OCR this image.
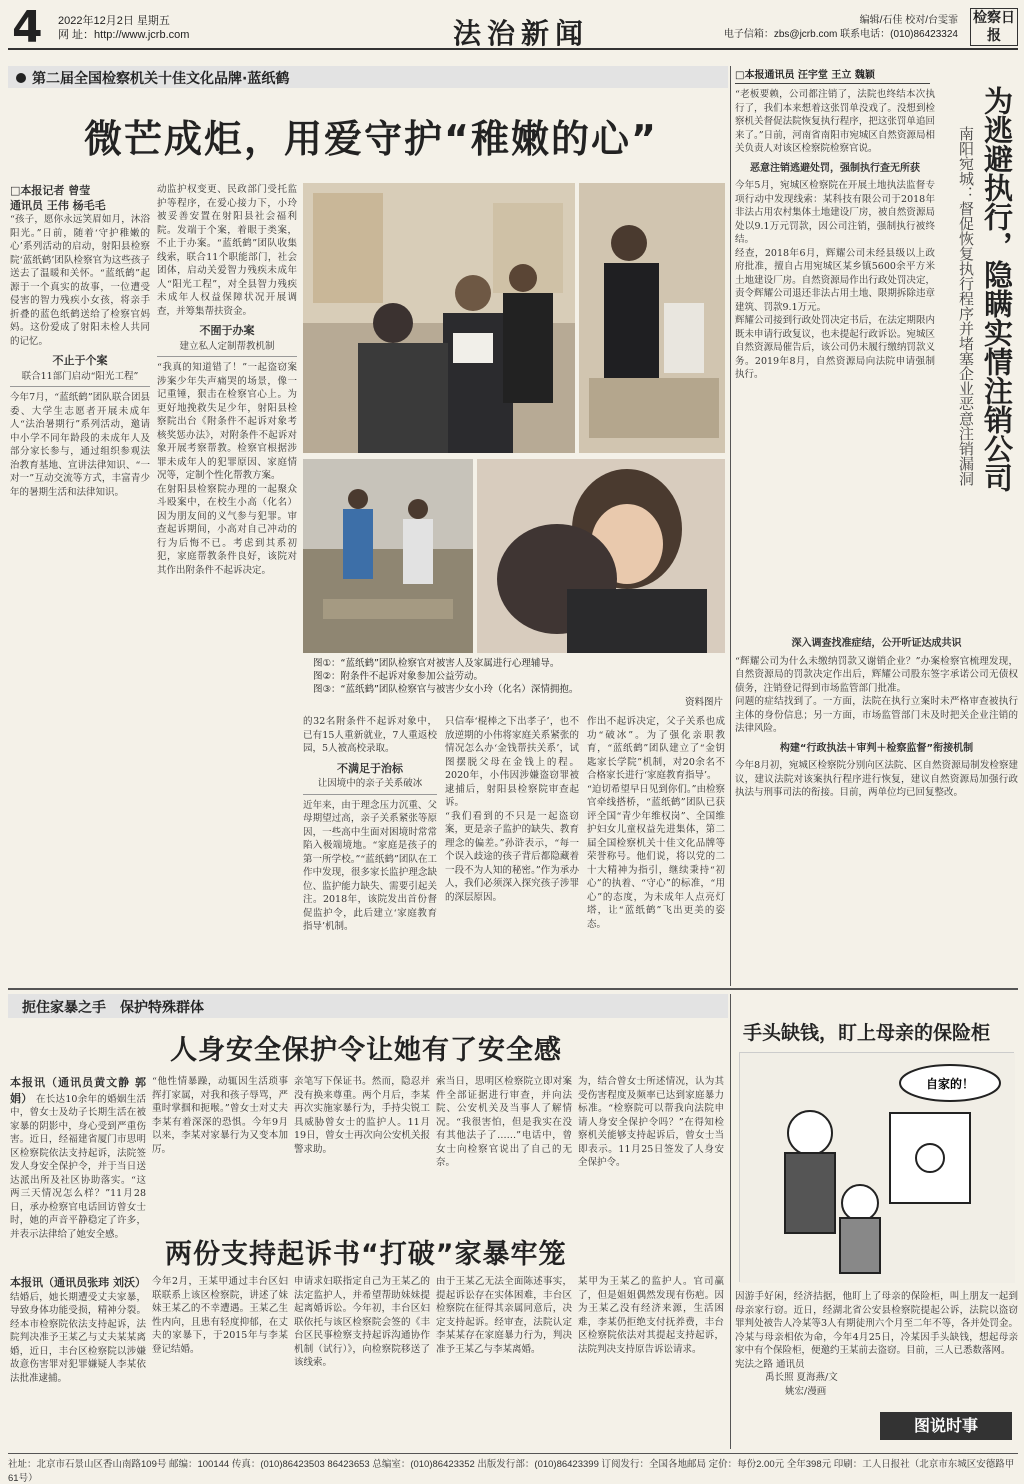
4 2022年12月2日 星期五
网 址：http://www.jcrb.com	法治新闻	编辑/石佳 校对/台雯霏
电子信箱：zbs@jcrb.com 联系电话：(010)86423324
检察日报
第二届全国检察机关十佳文化品牌·蓝纸鹤
微芒成炬，用爱守护“稚嫩的心”
□本报记者 曾莹
通讯员 王伟 杨毛毛

“孩子，愿你永远笑眉如月，沐浴阳光。”日前，随着‘守护稚嫩的心’系列活动的启动，射阳县检察院‘蓝纸鹤’团队检察官为这些孩子送去了温暖和关怀。“蓝纸鹤”起源于一个真实的故事，一位遭受侵害的智力残疾小女孩，将亲手折叠的蓝色纸鹤送给了检察官妈妈。这份爱成了射阳未检人共同的记忆。

不止于个案
联合11部门启动“阳光工程”

今年7月，“蓝纸鹤”团队联合团县委、大学生志愿者开展未成年人“法治暑期行”系列活动，邀请中小学不同年龄段的未成年人及部分家长参与，通过组织参观法治教育基地、宣讲法律知识、“一对一”互动交流等方式，丰富青少年的暑期生活和法律知识。

动监护权变更、民政部门受托监护等程序，在爱心接力下，小玲被妥善安置在射阳县社会福利院。发端于个案，着眼于类案，不止于办案。“蓝纸鹤”团队收集线索，联合11个职能部门，社会团体，启动关爱智力残疾未成年人“阳光工程”，对全县智力残疾未成年人权益保障状况开展调查，并筹集帮扶资金。

不囿于办案
建立私人定制帮教机制

“我真的知道错了！”一起盗窃案涉案少年失声痛哭的场景，像一记重锤，狠击在检察官心上。为更好地挽救失足少年，射阳县检察院出台《附条件不起诉对象考核奖惩办法》，对附条件不起诉对象开展考察帮教。检察官根据涉罪未成年人的犯罪原因、家庭情况等，定制个性化帮教方案。

在射阳县检察院办理的一起聚众斗殴案中，在校生小高（化名）因为朋友间的义气参与犯罪。审查起诉期间，小高对自己冲动的行为后悔不已。考虑到其系初犯，家庭帮教条件良好，该院对其作出附条件不起诉决定。

图①：“蓝纸鹤”团队检察官对被害人及家属进行心理辅导。
图②：附条件不起诉对象参加公益劳动。
图③：“蓝纸鹤”团队检察官与被害少女小玲（化名）深情拥抱。
资料图片

的32名附条件不起诉对象中，已有15人重新就业，7人重返校园，5人被高校录取。

不满足于治标
让因境中的亲子关系破冰

近年来，由于理念压力沉重、父母期望过高，亲子关系紧张等原因，一些高中生面对困境时常常陷入极端境地。“家庭是孩子的第一所学校。”“蓝纸鹤”团队在工作中发现，很多家长监护理念缺位、监护能力缺失、需要引起关注。2018年，该院发出首份督促监护令，此后建立‘家庭教育指导’机制。

只信奉‘棍棒之下出孝子’，也不放逆期的小伟将家庭关系紧张的情况怎么办‘金钱帮扶关系’，试图摆脱父母在金钱上的程。2020年，小伟因涉嫌盗窃罪被逮捕后，射阳县检察院审查起诉。

“我们看到的不只是一起盗窃案，更是亲子监护的缺失、教育理念的偏差。”孙浒表示，“每一个误入歧途的孩子背后都隐藏着一段不为人知的秘密。”作为承办人，我们必须深入探究孩子涉罪的深层原因。

作出不起诉决定，父子关系也成功“破冰”。为了强化亲职教育，“蓝纸鹤”团队建立了“金钥匙家长学院”机制，对20余名不合格家长进行‘家庭教育指导’。

“迫切希望早日见到你们。”由检察官牵线搭桥，“蓝纸鹤”团队已获评全国“青少年维权岗”、全国维护妇女儿童权益先进集体，第二届全国检察机关十佳文化品牌等荣誉称号。他们说，将以党的二十大精神为指引，继续秉持“初心”的执着、“守心”的标准，“用心”的态度，为未成年人点亮灯塔，让“蓝纸鹤”飞出更美的姿态。

□本报通讯员 汪宇堂 王立 魏颖
为逃避执行，隐瞒实情注销公司
南阳宛城：督促恢复执行程序并堵塞企业恶意注销漏洞

“老板要赖，公司都注销了，法院也终结本次执行了，我们本来想着这张罚单没戏了。没想到检察机关督促法院恢复执行程序，把这张罚单追回来了。”日前，河南省南阳市宛城区自然资源局相关负责人对该区检察院检察官说。

恶意注销逃避处罚，强制执行查无所获

今年5月，宛城区检察院在开展土地执法监督专项行动中发现线索：某科技有限公司于2018年非法占用农村集体土地建设厂房，被自然资源局处以9.1万元罚款，因公司注销，强制执行被终结。

经查，2018年6月，辉耀公司未经县级以上政府批准，擅自占用宛城区某乡镇5600余平方米土地建设厂房。自然资源局作出行政处罚决定，责令辉耀公司退还非法占用土地、限期拆除违章建筑、罚款9.1万元。

辉耀公司接到行政处罚决定书后，在法定期限内既未申请行政复议，也未提起行政诉讼。宛城区自然资源局催告后，该公司仍未履行缴纳罚款义务。2019年8月，自然资源局向法院申请强制执行。

深入调查找准症结，公开听证达成共识

“辉耀公司为什么未缴纳罚款又谢销企业？”办案检察官梳理发现，自然资源局的罚款决定作出后，辉耀公司股东签字承诺公司无债权债务，注销登记得到市场监管部门批准。

问题的症结找到了。一方面，法院在执行立案时未严格审查被执行主体的身份信息；另一方面，市场监管部门未及时把关企业注销的法律风险。

构建“行政执法＋审判＋检察监督”衔接机制

今年8月初，宛城区检察院分别向区法院、区自然资源局制发检察建议，建议法院对该案执行程序进行恢复，建议自然资源局加强行政执法与刑事司法的衔接。目前，两单位均已回复整改。

扼住家暴之手　保护特殊群体
人身安全保护令让她有了安全感
本报讯（通讯员黄文静 郭娟） 在长达10余年的婚姻生活中，曾女士及幼子长期生活在被家暴的阴影中，身心受到严重伤害。近日，经福建省厦门市思明区检察院依法支持起诉，法院签发人身安全保护令，并于当日送达派出所及社区协助落实。“这两三天情况怎么样？”11月28日，承办检察官电话回访曾女士时，她的声音平静稳定了许多，并表示法律给了她安全感。

“他性情暴躁，动辄因生活琐事挥打家属，对我和孩子辱骂，严重时掌掴和扼喉。”曾女士对丈夫李某有着深深的恐惧。今年9月以来，李某对家暴行为又变本加厉。

亲笔写下保证书。然而，隐忍并没有换来尊重。两个月后，李某再次实施家暴行为，手持尖锐工具威胁曾女士的监护人。11月19日，曾女士再次向公安机关报警求助。

索当日，思明区检察院立即对案件全部证据进行审查，并向法院、公安机关及当事人了解情况。“我很害怕，但是我实在没有其他法子了……”电话中，曾女士向检察官说出了自己的无奈。

为，结合曾女士所述情况，认为其受伤害程度及频率已达到家庭暴力标准。“检察院可以帮我向法院申请人身安全保护令吗？”在得知检察机关能够支持起诉后，曾女士当即表示。11月25日签发了人身安全保护令。

两份支持起诉书“打破”家暴牢笼
本报讯（通讯员张玮 刘沃） 结婚后，她长期遭受丈夫家暴，导致身体功能受损，精神分裂。经本市检察院依法支持起诉，法院判决准予王某乙与丈夫某某离婚，近日，丰台区检察院以涉嫌故意伤害罪对犯罪嫌疑人李某依法批准逮捕。

今年2月，王某甲通过丰台区妇联联系上该区检察院，讲述了妹妹王某乙的不幸遭遇。王某乙生性内向，且患有轻度抑郁，在丈夫的家暴下，于2015年与李某登记结婚。

申请求妇联指定自己为王某乙的法定监护人，并希望帮助妹妹提起离婚诉讼。今年初，丰台区妇联依托与该区检察院会签的《丰台区民事检察支持起诉沟通协作机制（试行）》，向检察院移送了该线索。

由于王某乙无法全面陈述事实，提起诉讼存在实体困难，丰台区检察院在征得其亲属同意后，决定支持起诉。经审查，法院认定李某某存在家庭暴力行为，判决准予王某乙与李某离婚。

某甲为王某乙的监护人。官司赢了，但是姐姐偶然发现有伤疤。因为王某乙没有经济来源，生活困难，李某仍拒绝支付抚养费，丰台区检察院依法对其提起支持起诉，法院判决支持原告诉讼请求。

手头缺钱，盯上母亲的保险柜
自家的！

因游手好闲，经济拮据，他盯上了母亲的保险柜，叫上朋友一起到母亲家行窃。近日，经湖北省公安县检察院提起公诉，法院以盗窃罪判处被告人冷某等3人有期徒刑六个月至二年不等，各并处罚金。冷某与母亲相依为命，今年4月25日，冷某因手头缺钱，想起母亲家中有个保险柜，便邀约王某前去盗窃。目前，三人已悉数落网。

宪法之路 通讯员
禹长照 夏海燕/文
姚宏/漫画
图说时事
社址：北京市石景山区香山南路109号 邮编：100144 传真：(010)86423503 86423653 总编室：(010)86423352 出版发行部：(010)86423399 订阅发行：全国各地邮局 定价：每份2.00元 全年398元 印刷：工人日报社（北京市东城区安德路甲61号）
